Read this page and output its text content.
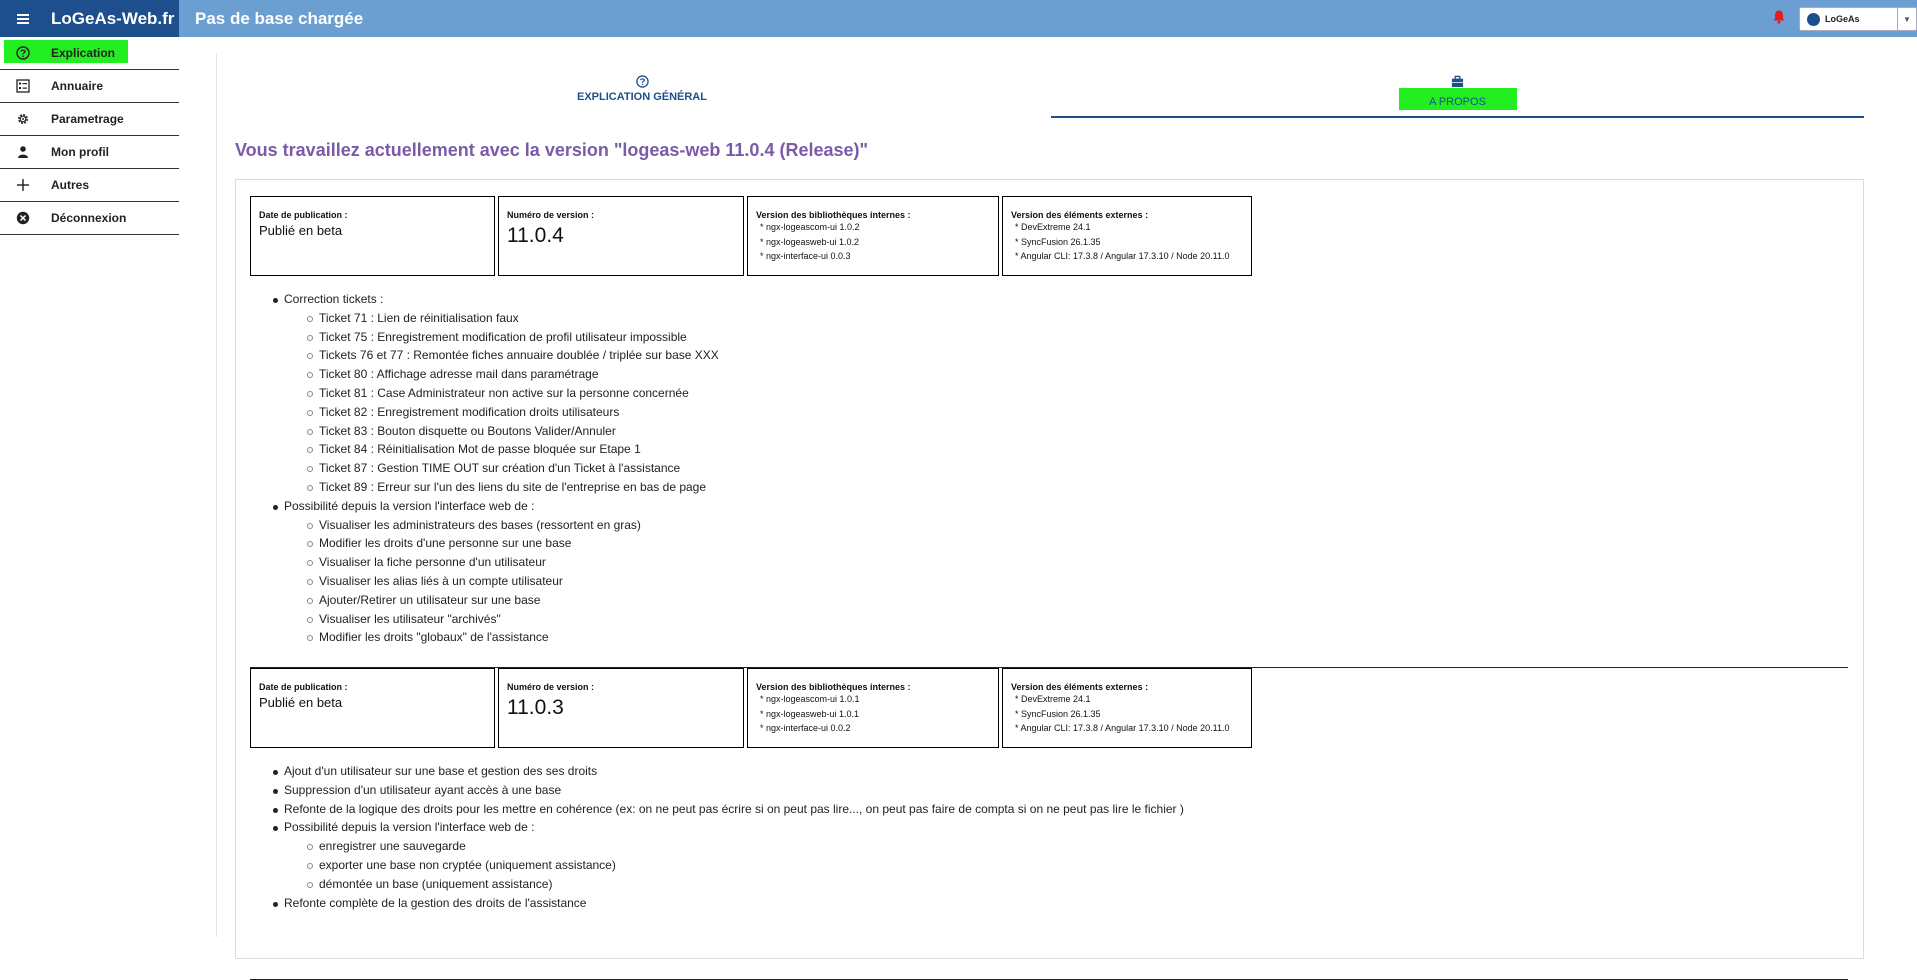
LoGeAs-Web.fr Pas de base chargée	LoGeAs	▼
Explication
Annuaire
Parametrage
Mon profil
Autres
Déconnexion
EXPLICATION GÉNÉRAL	A PROPOS
Vous travaillez actuellement avec la version "logeas-web 11.0.4 (Release)"
Date de publication :
Publié en beta
Numéro de version :
11.0.4
Version des bibliothèques internes :
* ngx-logeascom-ui 1.0.2
* ngx-logeasweb-ui 1.0.2
* ngx-interface-ui 0.0.3
Version des éléments externes :
* DevExtreme 24.1
* SyncFusion 26.1.35
* Angular CLI: 17.3.8 / Angular 17.3.10 / Node 20.11.0
Correction tickets :
Ticket 71 : Lien de réinitialisation faux
Ticket 75 : Enregistrement modification de profil utilisateur impossible
Tickets 76 et 77 : Remontée fiches annuaire doublée / triplée sur base XXX
Ticket 80 : Affichage adresse mail dans paramétrage
Ticket 81 : Case Administrateur non active sur la personne concernée
Ticket 82 : Enregistrement modification droits utilisateurs
Ticket 83 : Bouton disquette ou Boutons Valider/Annuler
Ticket 84 : Réinitialisation Mot de passe bloquée sur Etape 1
Ticket 87 : Gestion TIME OUT sur création d'un Ticket à l'assistance
Ticket 89 : Erreur sur l'un des liens du site de l'entreprise en bas de page
Possibilité depuis la version l'interface web de :
Visualiser les administrateurs des bases (ressortent en gras)
Modifier les droits d'une personne sur une base
Visualiser la fiche personne d'un utilisateur
Visualiser les alias liés à un compte utilisateur
Ajouter/Retirer un utilisateur sur une base
Visualiser les utilisateur "archivés"
Modifier les droits "globaux" de l'assistance
Date de publication :
Publié en beta
Numéro de version :
11.0.3
Version des bibliothèques internes :
* ngx-logeascom-ui 1.0.1
* ngx-logeasweb-ui 1.0.1
* ngx-interface-ui 0.0.2
Version des éléments externes :
* DevExtreme 24.1
* SyncFusion 26.1.35
* Angular CLI: 17.3.8 / Angular 17.3.10 / Node 20.11.0
Ajout d'un utilisateur sur une base et gestion des ses droits
Suppression d'un utilisateur ayant accès à une base
Refonte de la logique des droits pour les mettre en cohérence (ex: on ne peut pas écrire si on peut pas lire..., on peut pas faire de compta si on ne peut pas lire le fichier )
Possibilité depuis la version l'interface web de :
enregistrer une sauvegarde
exporter une base non cryptée (uniquement assistance)
démontée un base (uniquement assistance)
Refonte complète de la gestion des droits de l'assistance
